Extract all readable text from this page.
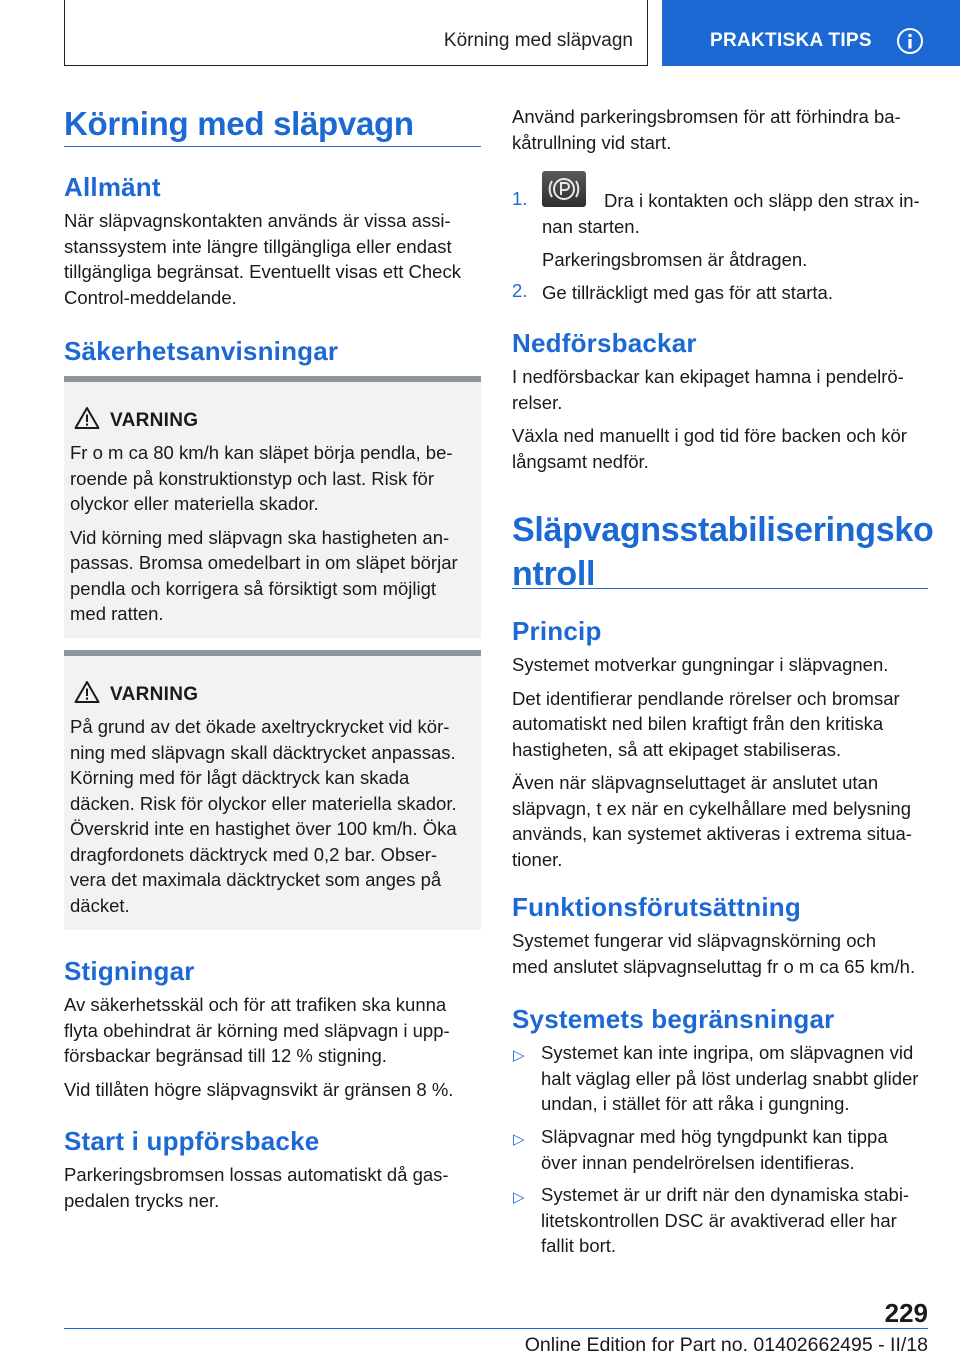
Körning med släpvagn	PRAKTISKA TIPS
Körning med släpvagn
Allmänt
När släpvagnskontakten används är vissa assi-
stanssystem inte längre tillgängliga eller endast
tillgängliga begränsat. Eventuellt visas ett Check
Control-meddelande.
Säkerhetsanvisningar
VARNING
Fr o m ca 80 km/h kan släpet börja pendla, be-
roende på konstruktionstyp och last. Risk för
olyckor eller materiella skador.
Vid körning med släpvagn ska hastigheten an-
passas. Bromsa omedelbart in om släpet börjar
pendla och korrigera så försiktigt som möjligt
med ratten.
VARNING
På grund av det ökade axeltryckrycket vid kör-
ning med släpvagn skall däcktrycket anpassas.
Körning med för lågt däcktryck kan skada
däcken. Risk för olyckor eller materiella skador.
Överskrid inte en hastighet över 100 km/h. Öka
dragfordonets däcktryck med 0,2 bar. Obser-
vera det maximala däcktrycket som anges på
däcket.
Stigningar
Av säkerhetsskäl och för att trafiken ska kunna
flyta obehindrat är körning med släpvagn i upp-
försbackar begränsad till 12 % stigning.
Vid tillåten högre släpvagnsvikt är gränsen 8 %.
Start i uppförsbacke
Parkeringsbromsen lossas automatiskt då gas-
pedalen trycks ner.
Använd parkeringsbromsen för att förhindra ba-
kåtrullning vid start.
1.	Dra i kontakten och släpp den strax in-
nan starten.
Parkeringsbromsen är åtdragen.
2. Ge tillräckligt med gas för att starta.
Nedförsbackar
I nedförsbackar kan ekipaget hamna i pendelrö-
relser.
Växla ned manuellt i god tid före backen och kör
långsamt nedför.
Släpvagnsstabiliseringsko
ntroll
Princip
Systemet motverkar gungningar i släpvagnen.
Det identifierar pendlande rörelser och bromsar
automatiskt ned bilen kraftigt från den kritiska
hastigheten, så att ekipaget stabiliseras.
Även när släpvagnseluttaget är anslutet utan
släpvagn, t ex när en cykelhållare med belysning
används, kan systemet aktiveras i extrema situa-
tioner.
Funktionsförutsättning
Systemet fungerar vid släpvagnskörning och
med anslutet släpvagnseluttag fr o m ca 65 km/h.
Systemets begränsningar
▷ Systemet kan inte ingripa, om släpvagnen vid
halt väglag eller på löst underlag snabbt glider
undan, i stället för att råka i gungning.
▷ Släpvagnar med hög tyngdpunkt kan tippa
över innan pendelrörelsen identifieras.
▷ Systemet är ur drift när den dynamiska stabi-
litetskontrollen DSC är avaktiverad eller har
fallit bort.
229
Online Edition for Part no. 01402662495 - II/18
